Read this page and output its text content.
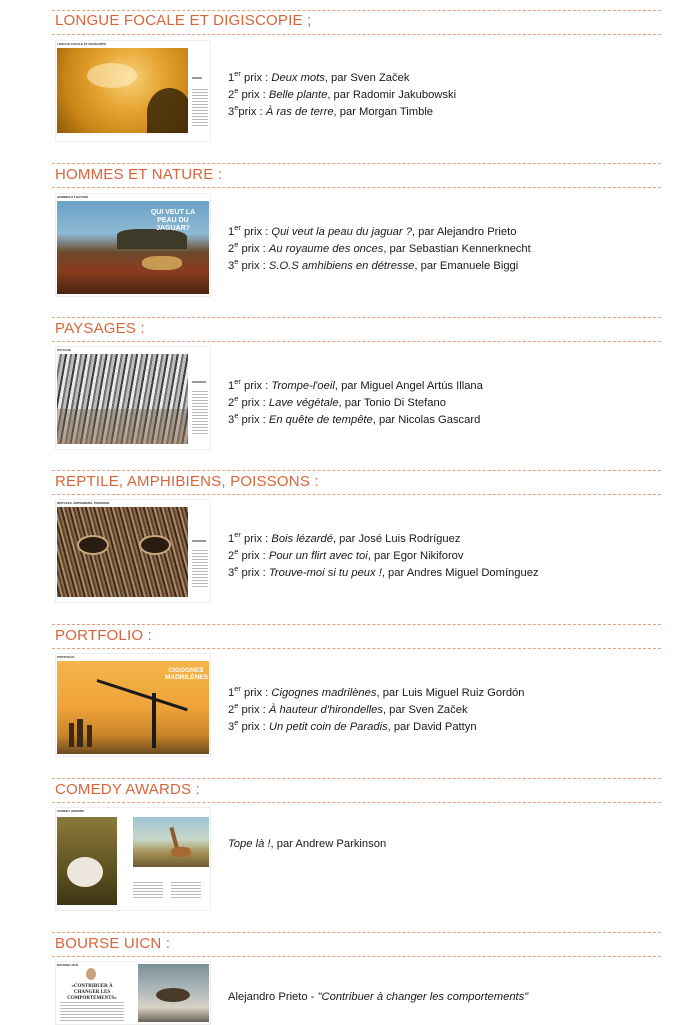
LONGUE FOCALE ET DIGISCOPIE ;
LONGUE FOCALE ET DIGISCOPIE
1er prix : Deux mots, par Sven Začek
2e prix : Belle plante, par Radomir Jakubowski
3eprix : À ras de terre, par Morgan Timble
HOMMES ET NATURE :
HOMMES ET NATURE
QUI VEUT LA PEAU DU JAGUAR?	1er prix : Qui veut la peau du jaguar ?, par Alejandro Prieto
2e prix : Au royaume des onces, par Sebastian Kennerknecht
3e prix : S.O.S amhibiens en détresse, par Emanuele Biggi
PAYSAGES :
PAYSAGE
1er prix : Trompe-l'oeil, par Miguel Angel Artús Illana
2e prix : Lave végétale, par Tonio Di Stefano
3e prix : En quête de tempête, par Nicolas Gascard
REPTILE, AMPHIBIENS, POISSONS :
REPTILES, AMPHIBIENS, POISSONS
1er prix : Bois lézardé, par José Luis Rodríguez
2e prix : Pour un flirt avec toi, par Egor Nikiforov
3e prix : Trouve-moi si tu peux !, par Andres Miguel Domínguez
PORTFOLIO :
PORTFOLIO
CIGOGNES MADRILÈNES
1er prix : Cigognes madrilènes, par Luis Miguel Ruiz Gordón
2e prix : À hauteur d'hirondelles, par Sven Začek
3e prix : Un petit coin de Paradis, par David Pattyn
COMEDY AWARDS :
COMEDY AWARDS
Tope là !, par Andrew Parkinson
BOURSE UICN :
BOURSE UICN
«CONTRIBUER À CHANGER LES COMPORTEMENTS»	Alejandro Prieto - "Contribuer à changer les comportements"
